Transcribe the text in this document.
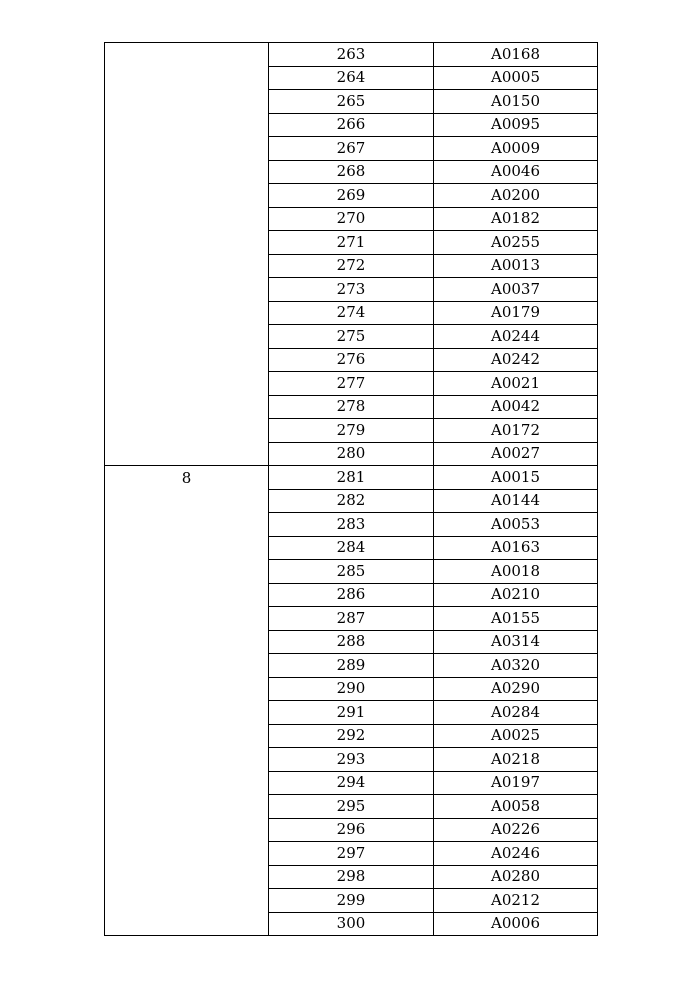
	263	A0168
	264	A0005
	265	A0150
	266	A0095
	267	A0009
	268	A0046
	269	A0200
	270	A0182
	271	A0255
	272	A0013
	273	A0037
	274	A0179
	275	A0244
	276	A0242
	277	A0021
	278	A0042
	279	A0172
	280	A0027
8	281	A0015
	282	A0144
	283	A0053
	284	A0163
	285	A0018
	286	A0210
	287	A0155
	288	A0314
	289	A0320
	290	A0290
	291	A0284
	292	A0025
	293	A0218
	294	A0197
	295	A0058
	296	A0226
	297	A0246
	298	A0280
	299	A0212
	300	A0006
